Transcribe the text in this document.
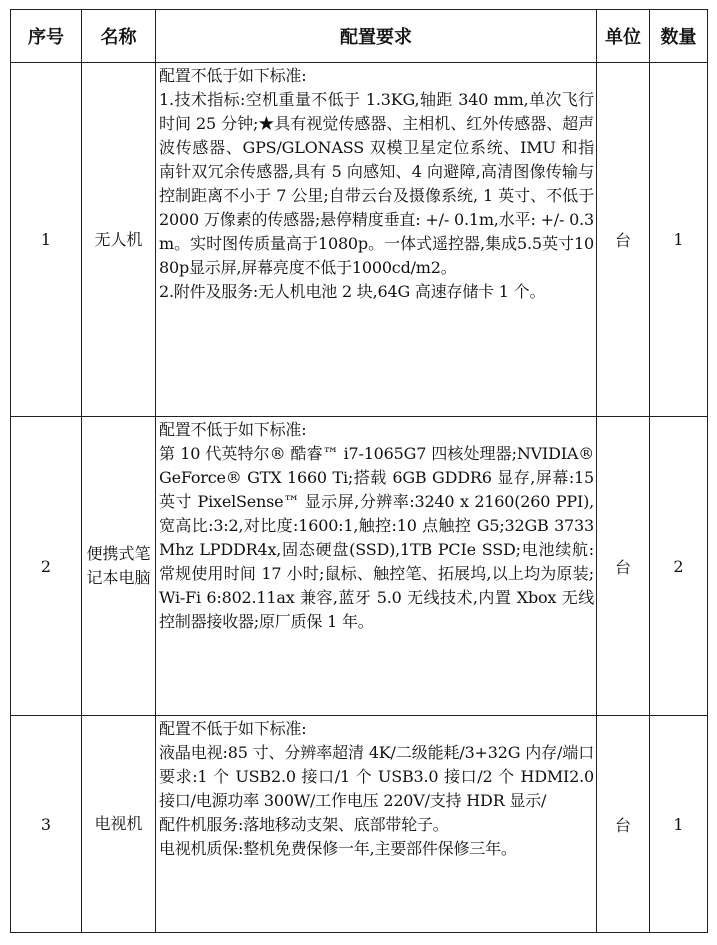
序号	名称	配置要求	单位	数量
1	无人机	配置不低于如下标准:
1.技术指标:空机重量不低于 1.3KG,轴距 340 mm,单次飞行时间 25 分钟;★具有视觉传感器、主相机、红外传感器、超声波传感器、GPS/GLONASS 双模卫星定位系统、IMU 和指南针双冗余传感器,具有 5 向感知、4 向避障,高清图像传输与控制距离不小于 7 公里;自带云台及摄像系统, 1 英寸、不低于 2000 万像素的传感器;悬停精度垂直: +/- 0.1m,水平: +/- 0.3m。实时图传质量高于1080p。一体式遥控器,集成5.5英寸1080p显示屏,屏幕亮度不低于1000cd/m2。
2.附件及服务:无人机电池 2 块,64G 高速存储卡 1 个。	台	1
2	便携式笔记本电脑	配置不低于如下标准:
第 10 代英特尔® 酷睿™ i7-1065G7 四核处理器;NVIDIA® GeForce® GTX 1660 Ti;搭载 6GB GDDR6 显存,屏幕:15 英寸 PixelSense™ 显示屏,分辨率:3240 x 2160(260 PPI),宽高比:3:2,对比度:1600:1,触控:10 点触控 G5;32GB 3733Mhz LPDDR4x,固态硬盘(SSD),1TB PCIe SSD;电池续航:常规使用时间 17 小时;鼠标、触控笔、拓展坞,以上均为原装;Wi-Fi 6:802.11ax 兼容,蓝牙 5.0 无线技术,内置 Xbox 无线控制器接收器;原厂质保 1 年。	台	2
3	电视机	配置不低于如下标准:
液晶电视:85 寸、分辨率超清 4K/二级能耗/3+32G 内存/端口要求:1 个 USB2.0 接口/1 个 USB3.0 接口/2 个 HDMI2.0 接口/电源功率 300W/工作电压 220V/支持 HDR 显示/
配件机服务:落地移动支架、底部带轮子。
电视机质保:整机免费保修一年,主要部件保修三年。	台	1
